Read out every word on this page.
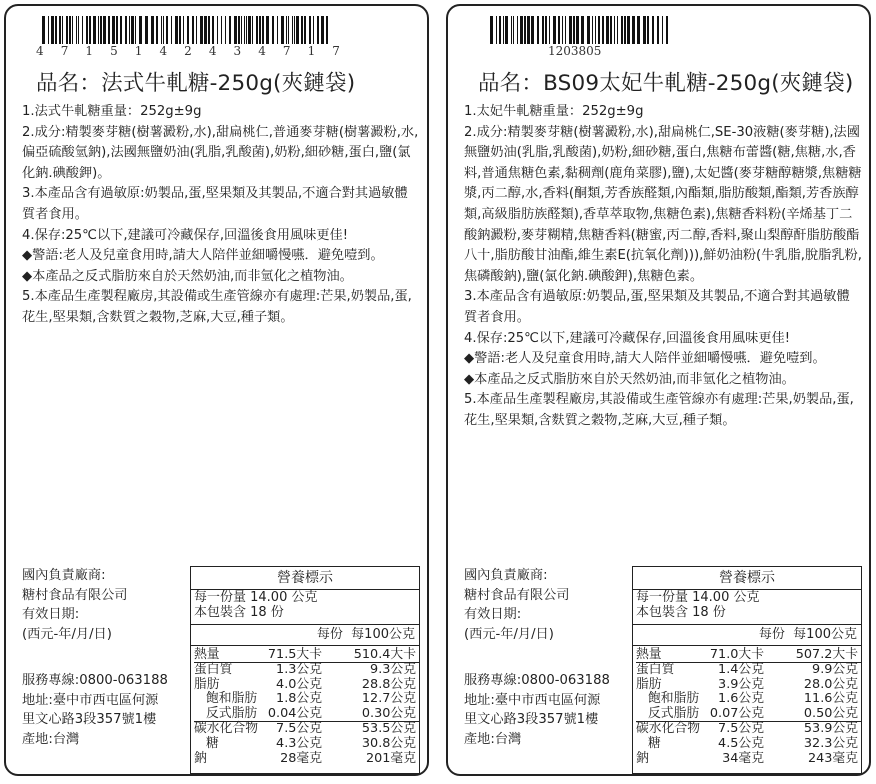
4 7 1 5 1 4 2 4 3 4 7 1 7
品名：法式牛軋糖-250g(夾鏈袋)

1.法式牛軋糖重量：252g±9g

2.成分:精製麥芽糖(樹薯澱粉,水),甜扁桃仁,普通麥芽糖(樹薯澱粉,水,偏亞硫酸氫鈉),法國無鹽奶油(乳脂,乳酸菌),奶粉,細砂糖,蛋白,鹽(氯化鈉.碘酸鉀)。

3.本產品含有過敏原:奶製品,蛋,堅果類及其製品,不適合對其過敏體質者食用。

4.保存:25℃以下,建議可冷藏保存,回溫後食用風味更佳!

◆警語:老人及兒童食用時,請大人陪伴並細嚼慢嚥．避免噎到。

◆本產品之反式脂肪來自於天然奶油,而非氫化之植物油。

5.本產品生產製程廠房,其設備或生產管線亦有處理:芒果,奶製品,蛋,花生,堅果類,含麩質之穀物,芝麻,大豆,種子類。

國內負責廠商:
糖村食品有限公司
有效日期:
(西元-年/月/日)
服務專線:0800-063188
地址:臺中市西屯區何源
里文心路3段357號1樓
產地:台灣
營養標示
每一份量 14.00 公克
本包裝含 18 份
每份 每100公克
熱量	71.5大卡	510.4大卡
蛋白質	1.3公克	9.3公克
脂肪	4.0公克	28.8公克
飽和脂肪	1.8公克	12.7公克
反式脂肪 0.04公克	0.30公克
碳水化合物	7.5公克	53.5公克
糖	4.3公克	30.8公克
鈉	28毫克	201毫克
1203805
品名：BS09太妃牛軋糖-250g(夾鏈袋)

1.太妃牛軋糖重量：252g±9g

2.成分:精製麥芽糖(樹薯澱粉,水),甜扁桃仁,SE-30液糖(麥芽糖),法國無鹽奶油(乳脂,乳酸菌),奶粉,細砂糖,蛋白,焦糖布蕾醬(糖,焦糖,水,香料,普通焦糖色素,黏稠劑(鹿角菜膠),鹽),太妃醬(麥芽糖醇糖漿,焦糖糖漿,丙二醇,水,香料(酮類,芳香族醛類,內酯類,脂肪酸類,酯類,芳香族醇類,高級脂肪族醛類),香草萃取物,焦糖色素),焦糖香料粉(辛烯基丁二酸鈉澱粉,麥芽糊精,焦糖香料(糖蜜,丙二醇,香料,聚山梨醇酐脂肪酸酯八十,脂肪酸甘油酯,維生素E(抗氧化劑))),鮮奶油粉(牛乳脂,脫脂乳粉,焦磷酸鈉),鹽(氯化鈉.碘酸鉀),焦糖色素。

3.本產品含有過敏原:奶製品,蛋,堅果類及其製品,不適合對其過敏體質者食用。

4.保存:25℃以下,建議可冷藏保存,回溫後食用風味更佳!

◆警語:老人及兒童食用時,請大人陪伴並細嚼慢嚥．避免噎到。

◆本產品之反式脂肪來自於天然奶油,而非氫化之植物油。

5.本產品生產製程廠房,其設備或生產管線亦有處理:芒果,奶製品,蛋,花生,堅果類,含麩質之穀物,芝麻,大豆,種子類。

國內負責廠商:
糖村食品有限公司
有效日期:
(西元-年/月/日)
服務專線:0800-063188
地址:臺中市西屯區何源
里文心路3段357號1樓
產地:台灣
營養標示
每一份量 14.00 公克
本包裝含 18 份
每份 每100公克
熱量	71.0大卡	507.2大卡
蛋白質	1.4公克	9.9公克
脂肪	3.9公克	28.0公克
飽和脂肪	1.6公克	11.6公克
反式脂肪 0.07公克	0.50公克
碳水化合物	7.5公克	53.9公克
糖	4.5公克	32.3公克
鈉	34毫克	243毫克
